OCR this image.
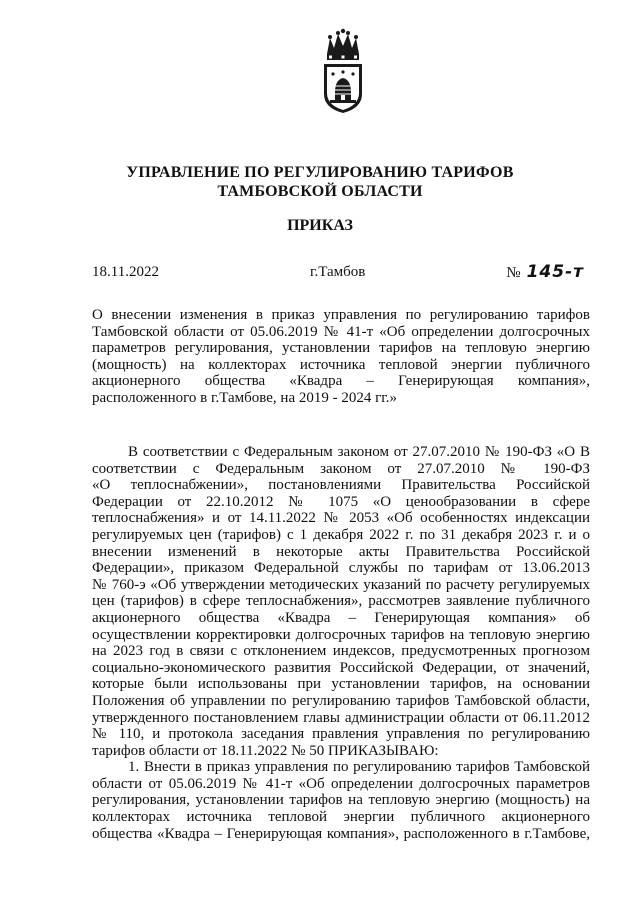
УПРАВЛЕНИЕ ПО РЕГУЛИРОВАНИЮ ТАРИФОВ
ТАМБОВСКОЙ ОБЛАСТИ
ПРИКАЗ
18.11.2022	г.Тамбов	№ 145-т
О внесении изменения в приказ управления по регулированию тарифов
Тамбовской области от 05.06.2019 № 41-т «Об определении долгосрочных
параметров регулирования, установлении тарифов на тепловую энергию
(мощность) на коллекторах источника тепловой энергии публичного
акционерного общества «Квадра – Генерирующая компания»,
расположенного в г.Тамбове, на 2019 - 2024 гг.»
В соответствии с Федеральным законом от 27.07.2010 № 190-ФЗ «О В
соответствии с Федеральным законом от 27.07.2010 № 190-ФЗ
«О теплоснабжении», постановлениями Правительства Российской
Федерации от 22.10.2012 № 1075 «О ценообразовании в сфере
теплоснабжения» и от 14.11.2022 № 2053 «Об особенностях индексации
регулируемых цен (тарифов) с 1 декабря 2022 г. по 31 декабря 2023 г. и о
внесении изменений в некоторые акты Правительства Российской
Федерации», приказом Федеральной службы по тарифам от 13.06.2013
№ 760-э «Об утверждении методических указаний по расчету регулируемых
цен (тарифов) в сфере теплоснабжения», рассмотрев заявление публичного
акционерного общества «Квадра – Генерирующая компания» об
осуществлении корректировки долгосрочных тарифов на тепловую энергию
на 2023 год в связи с отклонением индексов, предусмотренных прогнозом
социально-экономического развития Российской Федерации, от значений,
которые были использованы при установлении тарифов, на основании
Положения об управлении по регулированию тарифов Тамбовской области,
утвержденного постановлением главы администрации области от 06.11.2012
№ 110, и протокола заседания правления управления по регулированию
тарифов области от 18.11.2022 № 50 ПРИКАЗЫВАЮ:
1. Внести в приказ управления по регулированию тарифов Тамбовской
области от 05.06.2019 № 41-т «Об определении долгосрочных параметров
регулирования, установлении тарифов на тепловую энергию (мощность) на
коллекторах источника тепловой энергии публичного акционерного
общества «Квадра – Генерирующая компания», расположенного в г.Тамбове,
